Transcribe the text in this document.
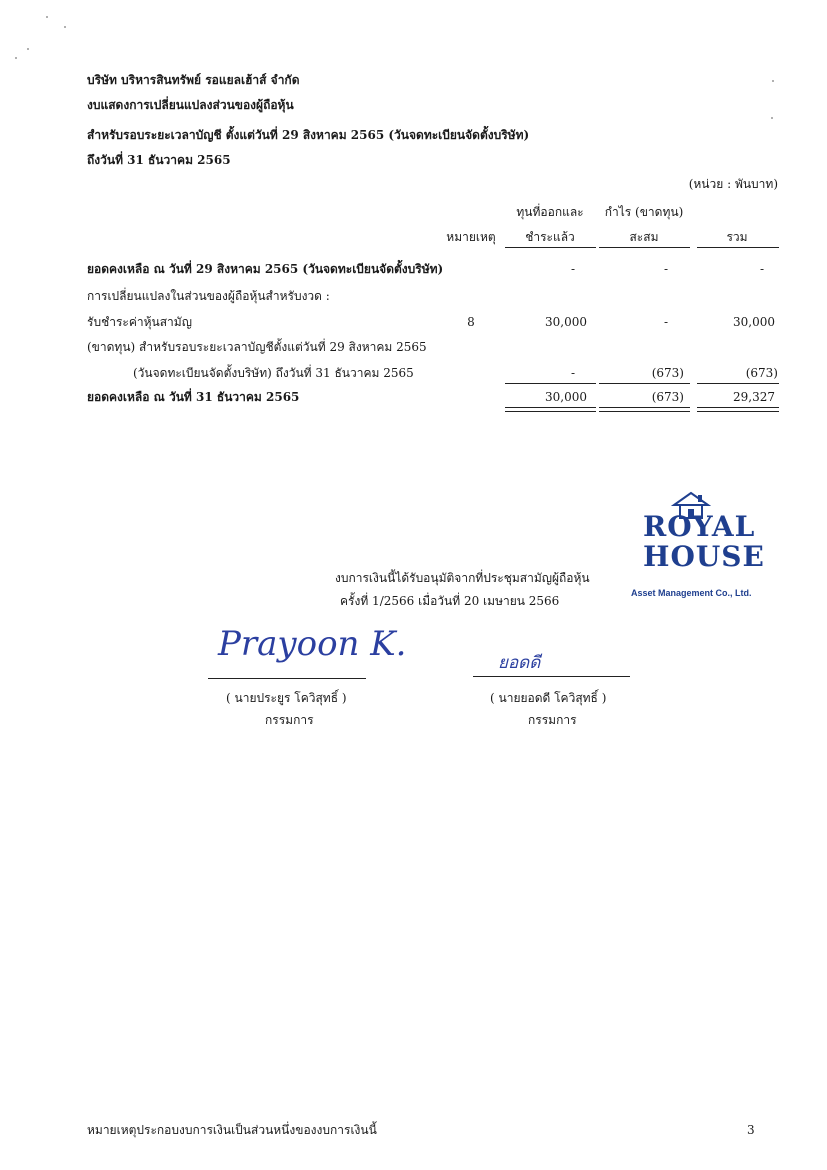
บริษัท บริหารสินทรัพย์ รอแยลเฮ้าส์ จำกัด
งบแสดงการเปลี่ยนแปลงส่วนของผู้ถือหุ้น
สำหรับรอบระยะเวลาบัญชี ตั้งแต่วันที่ 29 สิงหาคม 2565 (วันจดทะเบียนจัดตั้งบริษัท)
ถึงวันที่ 31 ธันวาคม 2565
(หน่วย : พันบาท)
หมายเหตุ
ทุนที่ออกและ
ชำระแล้ว
กำไร (ขาดทุน)
สะสม	รวม
ยอดคงเหลือ ณ วันที่ 29 สิงหาคม 2565 (วันจดทะเบียนจัดตั้งบริษัท)	-	-	-
การเปลี่ยนแปลงในส่วนของผู้ถือหุ้นสำหรับงวด :
รับชำระค่าหุ้นสามัญ	8	30,000	-	30,000
(ขาดทุน) สำหรับรอบระยะเวลาบัญชีตั้งแต่วันที่ 29 สิงหาคม 2565
(วันจดทะเบียนจัดตั้งบริษัท) ถึงวันที่ 31 ธันวาคม 2565	-	(673)	(673)
ยอดคงเหลือ ณ วันที่ 31 ธันวาคม 2565	30,000	(673)	29,327
ROYAL
HOUSE
Asset Management Co., Ltd.
งบการเงินนี้ได้รับอนุมัติจากที่ประชุมสามัญผู้ถือหุ้น
ครั้งที่ 1/2566 เมื่อวันที่ 20 เมษายน 2566
Prayoon K.
( นายประยูร โควิสุทธิ์ )
กรรมการ
ยอดดี
( นายยอดดี โควิสุทธิ์ )
กรรมการ
หมายเหตุประกอบงบการเงินเป็นส่วนหนึ่งของงบการเงินนี้	3
